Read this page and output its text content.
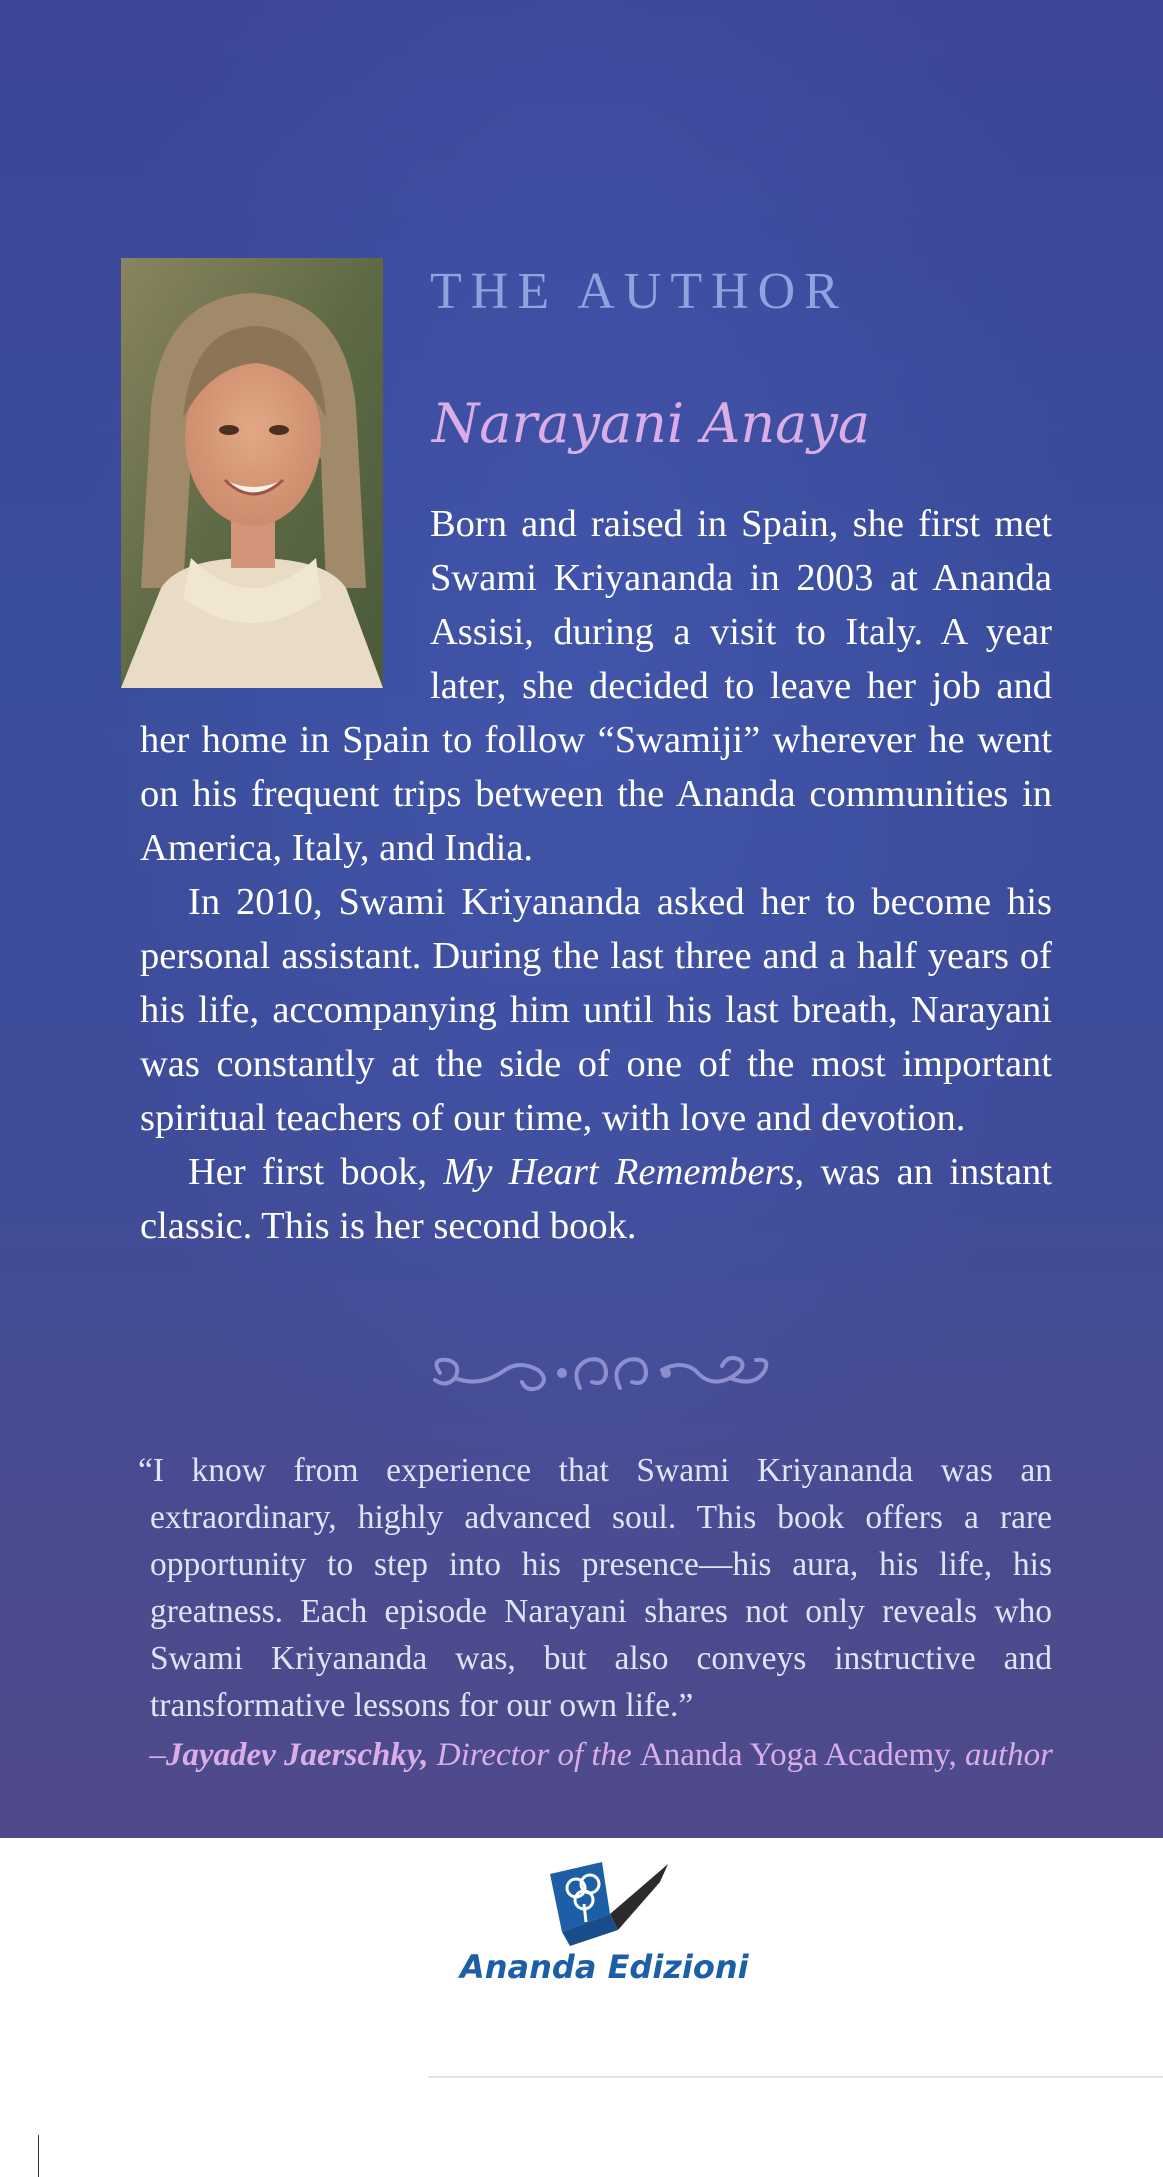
THE AUTHOR
Narayani Anaya

Born and raised in Spain, she first met Swami Kriyananda in 2003 at Ananda Assisi, during a visit to Italy. A year later, she decided to leave her job and her home in Spain to follow “Swamiji” wherever he went on his frequent trips between the Ananda communities in America, Italy, and India.

In 2010, Swami Kriyananda asked her to become his personal assistant. During the last three and a half years of his life, accompanying him until his last breath, Narayani was constantly at the side of one of the most important spiritual teachers of our time, with love and devotion.

Her first book, My Heart Remembers, was an instant classic. This is her second book.

“I know from experience that Swami Kriyananda was an extraordinary, highly advanced soul. This book offers a rare opportunity to step into his presence—his aura, his life, his greatness. Each episode Narayani shares not only reveals who Swami Kriyananda was, but also conveys instructive and transformative lessons for our own life.”

–Jayadev Jaerschky, Director of the Ananda Yoga Academy, author
Ananda Edizioni
